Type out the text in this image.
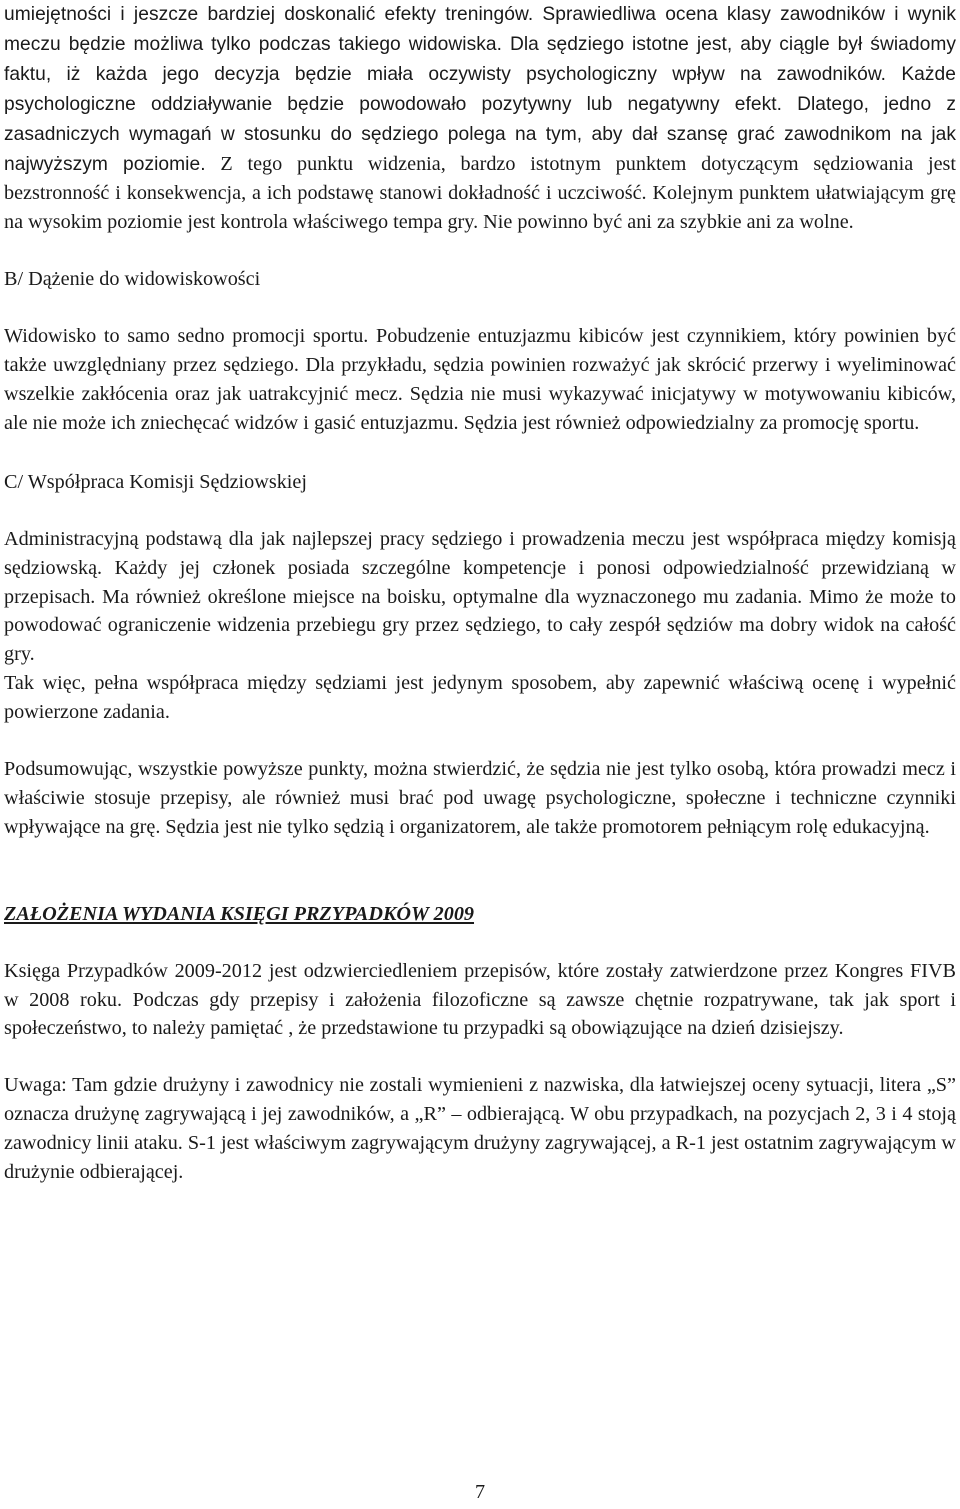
umiejętności i jeszcze bardziej doskonalić efekty treningów. Sprawiedliwa ocena klasy zawodników i wynik meczu będzie możliwa tylko podczas takiego widowiska. Dla sędziego istotne jest, aby ciągle był świadomy faktu, iż każda jego decyzja będzie miała oczywisty psychologiczny wpływ na zawodników. Każde psychologiczne oddziaływanie będzie powodowało pozytywny lub negatywny efekt. Dlatego, jedno z zasadniczych wymagań w stosunku do sędziego polega na tym, aby dał szansę grać zawodnikom na jak najwyższym poziomie. Z tego punktu widzenia, bardzo istotnym punktem dotyczącym sędziowania jest bezstronność i konsekwencja, a ich podstawę stanowi dokładność i uczciwość. Kolejnym punktem ułatwiającym grę na wysokim poziomie jest kontrola właściwego tempa gry. Nie powinno być ani za szybkie ani za wolne.

B/ Dążenie do widowiskowości

Widowisko to samo sedno promocji sportu. Pobudzenie entuzjazmu kibiców jest czynnikiem, który powinien być także uwzględniany przez sędziego. Dla przykładu, sędzia powinien rozważyć jak skrócić przerwy i wyeliminować wszelkie zakłócenia oraz jak uatrakcyjnić mecz. Sędzia nie musi wykazywać inicjatywy w motywowaniu kibiców, ale nie może ich zniechęcać widzów i gasić entuzjazmu. Sędzia jest również odpowiedzialny za promocję sportu.

C/ Współpraca Komisji Sędziowskiej

Administracyjną podstawą dla jak najlepszej pracy sędziego i prowadzenia meczu jest współpraca między komisją sędziowską. Każdy jej członek posiada szczególne kompetencje i ponosi odpowiedzialność przewidzianą w przepisach. Ma również określone miejsce na boisku, optymalne dla wyznaczonego mu zadania. Mimo że może to powodować ograniczenie widzenia przebiegu gry przez sędziego, to cały zespół sędziów ma dobry widok na całość gry.

Tak więc, pełna współpraca między sędziami jest jedynym sposobem, aby zapewnić właściwą ocenę i wypełnić powierzone zadania.

Podsumowując, wszystkie powyższe punkty, można stwierdzić, że sędzia nie jest tylko osobą, która prowadzi mecz i właściwie stosuje przepisy, ale również musi brać pod uwagę psychologiczne, społeczne i techniczne czynniki wpływające na grę. Sędzia jest nie tylko sędzią i organizatorem, ale także promotorem pełniącym rolę edukacyjną.

ZAŁOŻENIA WYDANIA KSIĘGI PRZYPADKÓW 2009

Księga Przypadków 2009-2012 jest odzwierciedleniem przepisów, które zostały zatwierdzone przez Kongres FIVB w 2008 roku. Podczas gdy przepisy i założenia filozoficzne są zawsze chętnie rozpatrywane, tak jak sport i społeczeństwo, to należy pamiętać , że przedstawione tu przypadki są obowiązujące na dzień dzisiejszy.

Uwaga: Tam gdzie drużyny i zawodnicy nie zostali wymienieni z nazwiska, dla łatwiejszej oceny sytuacji, litera „S” oznacza drużynę zagrywającą i jej zawodników, a „R” – odbierającą. W obu przypadkach, na pozycjach 2, 3 i 4 stoją zawodnicy linii ataku. S-1 jest właściwym zagrywającym drużyny zagrywającej, a R-1 jest ostatnim zagrywającym w drużynie odbierającej.

7
